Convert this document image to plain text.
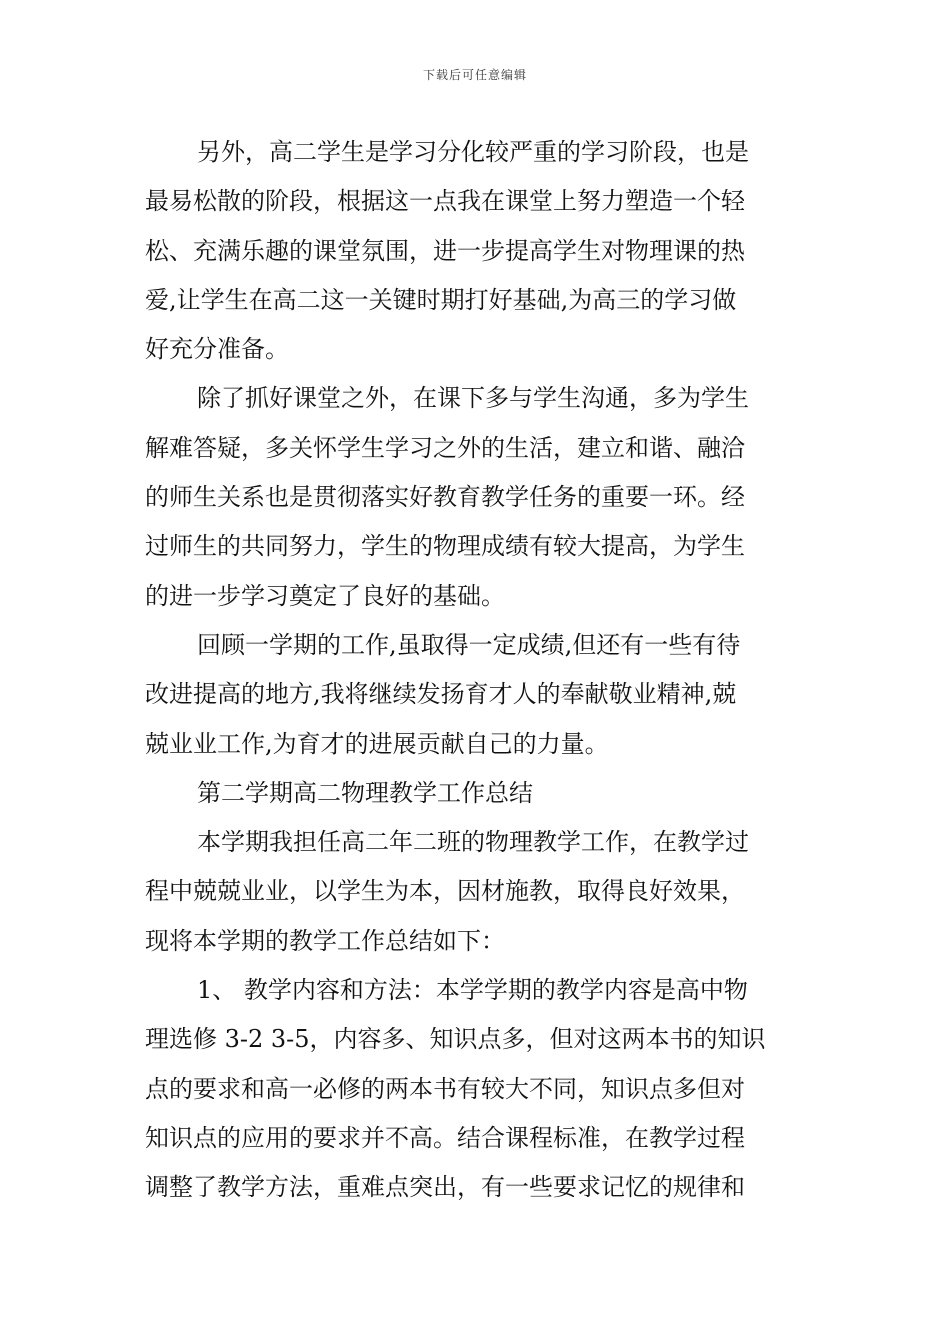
下载后可任意编辑
另外，高二学生是学习分化较严重的学习阶段，也是
最易松散的阶段，根据这一点我在课堂上努力塑造一个轻
松、充满乐趣的课堂氛围，进一步提高学生对物理课的热
爱,让学生在高二这一关键时期打好基础,为高三的学习做
好充分准备。
除了抓好课堂之外，在课下多与学生沟通，多为学生
解难答疑，多关怀学生学习之外的生活，建立和谐、融洽
的师生关系也是贯彻落实好教育教学任务的重要一环。经
过师生的共同努力，学生的物理成绩有较大提高，为学生
的进一步学习奠定了良好的基础。
回顾一学期的工作,虽取得一定成绩,但还有一些有待
改进提高的地方,我将继续发扬育才人的奉献敬业精神,兢
兢业业工作,为育才的进展贡献自己的力量。
第二学期高二物理教学工作总结
本学期我担任高二年二班的物理教学工作，在教学过
程中兢兢业业，以学生为本，因材施教，取得良好效果，
现将本学期的教学工作总结如下：
1、 教学内容和方法：本学学期的教学内容是高中物
理选修 3-2 3-5，内容多、知识点多，但对这两本书的知识
点的要求和高一必修的两本书有较大不同，知识点多但对
知识点的应用的要求并不高。结合课程标准，在教学过程
调整了教学方法，重难点突出，有一些要求记忆的规律和
